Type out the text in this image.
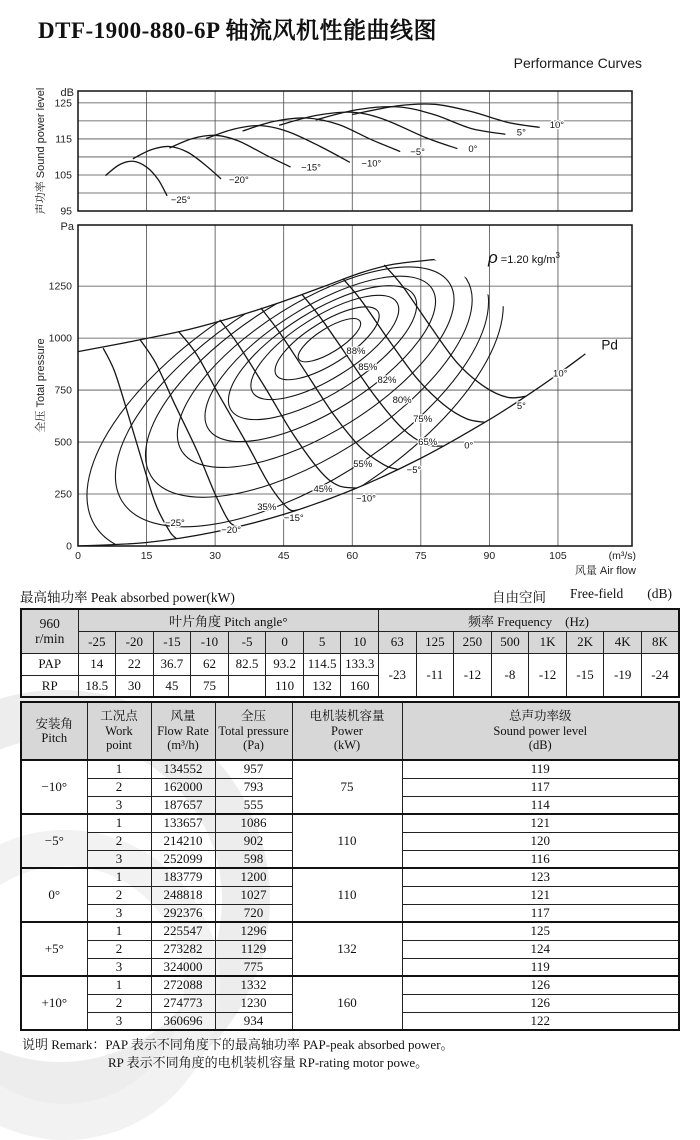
DTF-1900-880-6P 轴流风机性能曲线图
Performance Curves
125
115
105
95
dB
声功率 Sound power level	−25°
−20°
−15°	−10°
−5°	0°
5°
10°
0
250
500
750
1000
1250
Pa
全压 Total pressure
−25°
−20°
−15°
−10°
−5°
0°
5°
10°
88%
85%
82%
80%
75%
65%
55%
45%
35%
Pd
0	15	30	45	60	75	90	105	(m³/s)
风量 Air flow
ρ =1.20 $kg/m^3$
最高轴功率 Peak absorbed power(kW)	自由空间 Free-field (dB)
960
r/min	叶片角度 Pitch angle°								频率 Frequency　(Hz)							
	-25	-20	-15	-10	-5	0	5	10	63	125	250	500	1K	2K	4K	8K
PAP	14	22	36.7	62	82.5	93.2	114.5	133.3	-23	-11	-12	-8	-12	-15	-19	-24
RP	18.5	30	45	75		110	132	160								
安装角
Pitch

工况点
Work
point

风量
Flow Rate
(m³/h)

全压
Total pressure
(Pa)

电机装机容量
Power
(kW)

总声功率级
Sound power level
(dB)

−10°	1	134552	957	75	119
	2	162000	793		117
	3	187657	555		114
−5°	1	133657	1086	110	121
	2	214210	902		120
	3	252099	598		116
0°	1	183779	1200	110	123
	2	248818	1027		121
	3	292376	720		117
+5°	1	225547	1296	132	125
	2	273282	1129		124
	3	324000	775		119
+10°	1	272088	1332	160	126
	2	274773	1230		126
	3	360696	934		122
说明 Remark：PAP 表示不同角度下的最高轴功率 PAP-peak absorbed power。
RP 表示不同角度的电机装机容量 RP-rating motor powe。
